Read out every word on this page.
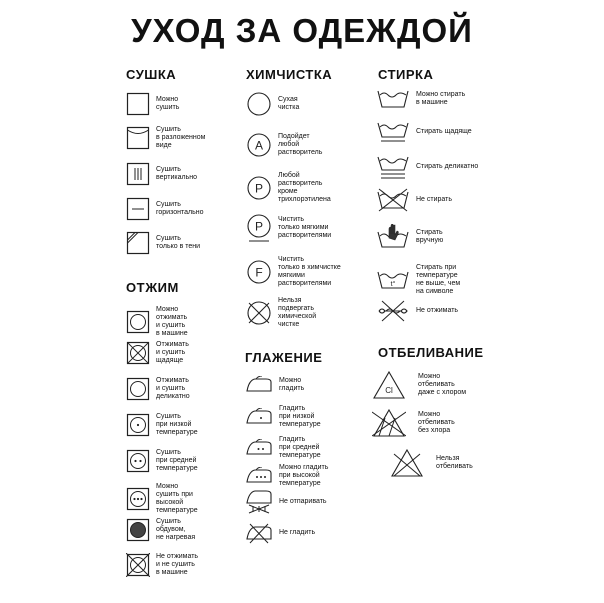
УХОД ЗА ОДЕЖДОЙ
СУШКА
Можно
сушить
Сушить
в разложенном
виде
Сушить
вертикально
Сушить
горизонтально
Сушить
только в тени
ОТЖИМ
Можно
отжимать
и сушить
в машине
Отжимать
и сушить
щадяще
Отжимать
и сушить
деликатно
Сушить
при низкой
температуре
Сушить
при средней
температуре
Можно
сушить при
высокой
температуре
Сушить
обдувом,
не нагревая
Не отжимать
и не сушить
в машине
ХИМЧИСТКА
Сухая
чистка
A
Подойдет
любой
растворитель
P
Любой
растворитель
кроме
трихлорэтилена
P Чистить
только мягкими
растворителями
F
Чистить
только в химчистке
мягкими
растворителями
Нельзя
подвергать
химической
чистке
ГЛАЖЕНИЕ
Можно
гладить
Гладить
при низкой
температуре
Гладить
при средней
температуре
Можно гладить
при высокой
температуре
Не отпаривать
Не гладить
СТИРКА
Можно стирать
в машине
Стирать щадяще
Стирать деликатно
Не стирать
Стирать
вручную
t°
Стирать при
температуре
не выше, чем
на символе
Не отжимать
ОТБЕЛИВАНИЕ
Cl
Можно
отбеливать
даже с хлором
Можно
отбеливать
без хлора
Нельзя
отбеливать
